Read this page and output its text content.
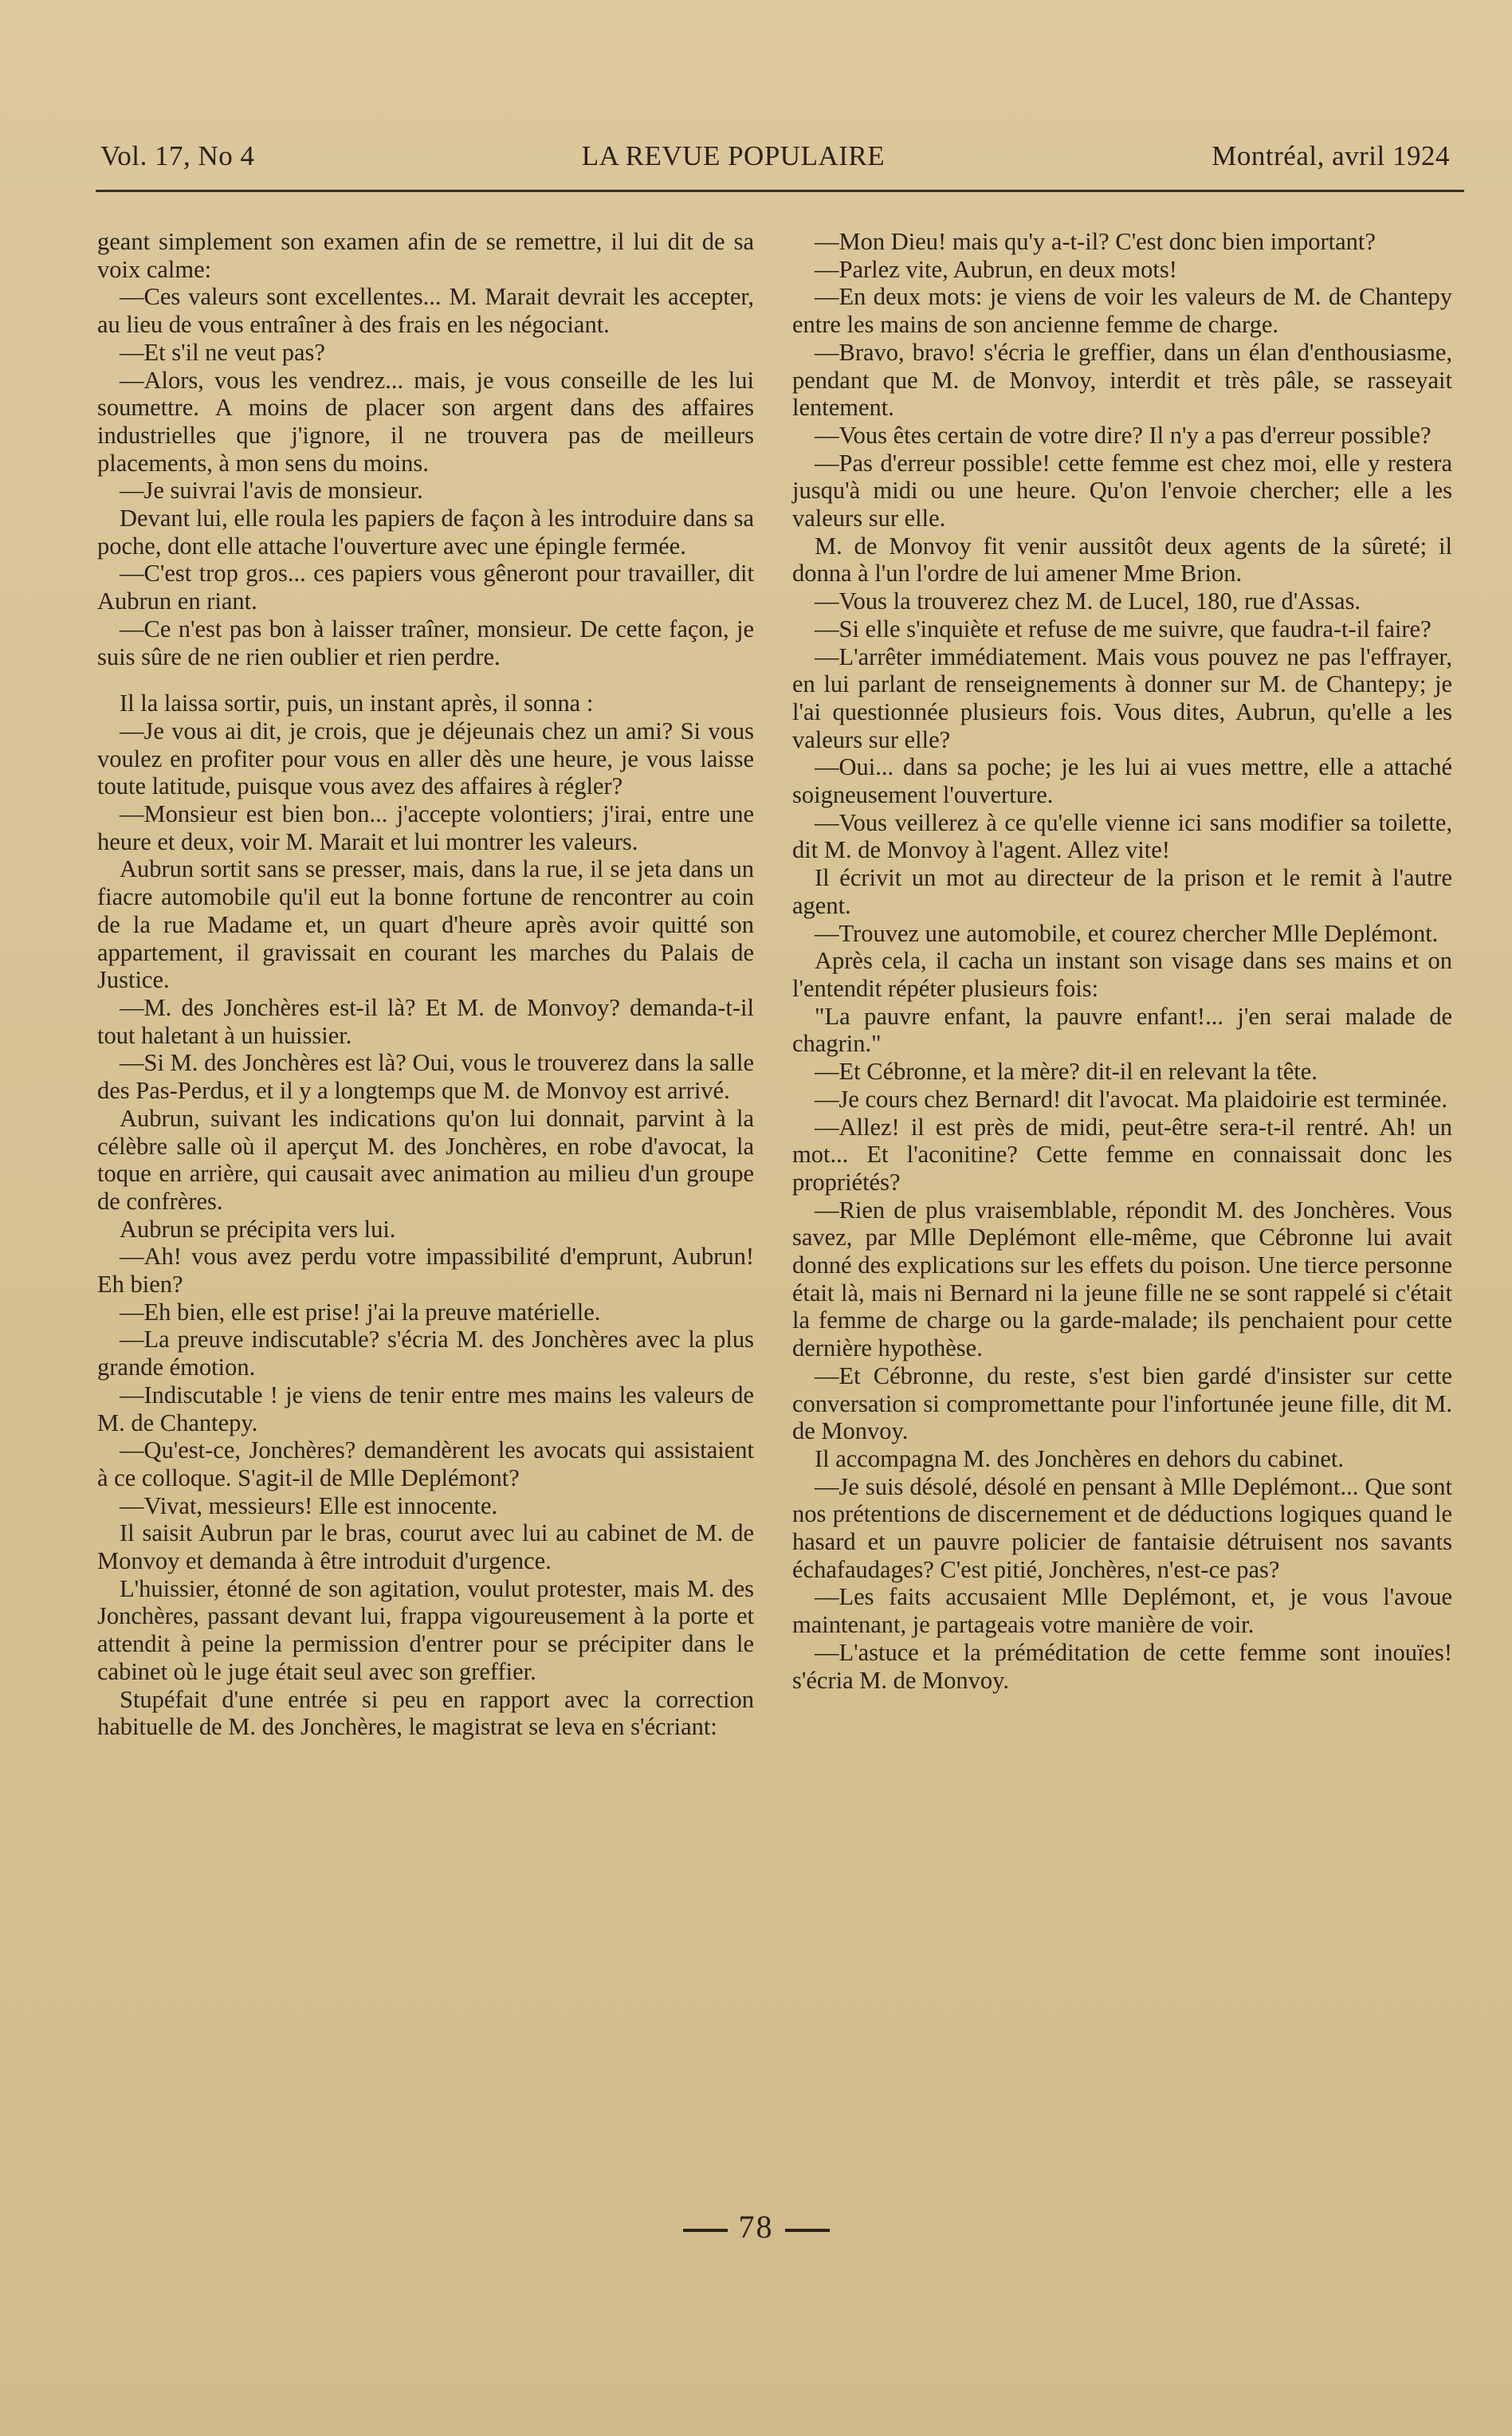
Vol. 17, No 4	LA REVUE POPULAIRE	Montréal, avril 1924

geant simplement son examen afin de se remettre, il lui dit de sa voix calme:

—Ces valeurs sont excellentes... M. Marait devrait les accepter, au lieu de vous entraîner à des frais en les négociant.

—Et s'il ne veut pas?

—Alors, vous les vendrez... mais, je vous conseille de les lui soumettre. A moins de placer son argent dans des affaires industrielles que j'ignore, il ne trouvera pas de meilleurs placements, à mon sens du moins.

—Je suivrai l'avis de monsieur.

Devant lui, elle roula les papiers de façon à les introduire dans sa poche, dont elle attache l'ouverture avec une épingle fermée.

—C'est trop gros... ces papiers vous gêneront pour travailler, dit Aubrun en riant.

—Ce n'est pas bon à laisser traîner, monsieur. De cette façon, je suis sûre de ne rien oublier et rien perdre.

Il la laissa sortir, puis, un instant après, il sonna :

—Je vous ai dit, je crois, que je déjeunais chez un ami? Si vous voulez en profiter pour vous en aller dès une heure, je vous laisse toute latitude, puisque vous avez des affaires à régler?

—Monsieur est bien bon... j'accepte volontiers; j'irai, entre une heure et deux, voir M. Marait et lui montrer les valeurs.

Aubrun sortit sans se presser, mais, dans la rue, il se jeta dans un fiacre automobile qu'il eut la bonne fortune de rencontrer au coin de la rue Madame et, un quart d'heure après avoir quitté son appartement, il gravissait en courant les marches du Palais de Justice.

—M. des Jonchères est-il là? Et M. de Monvoy? demanda-t-il tout haletant à un huissier.

—Si M. des Jonchères est là? Oui, vous le trouverez dans la salle des Pas-Perdus, et il y a longtemps que M. de Monvoy est arrivé.

Aubrun, suivant les indications qu'on lui donnait, parvint à la célèbre salle où il aperçut M. des Jonchères, en robe d'avocat, la toque en arrière, qui causait avec animation au milieu d'un groupe de confrères.

Aubrun se précipita vers lui.

—Ah! vous avez perdu votre impassibilité d'emprunt, Aubrun! Eh bien?

—Eh bien, elle est prise! j'ai la preuve matérielle.

—La preuve indiscutable? s'écria M. des Jonchères avec la plus grande émotion.

—Indiscutable ! je viens de tenir entre mes mains les valeurs de M. de Chantepy.

—Qu'est-ce, Jonchères? demandèrent les avocats qui assistaient à ce colloque. S'agit-il de Mlle Deplémont?

—Vivat, messieurs! Elle est innocente.

Il saisit Aubrun par le bras, courut avec lui au cabinet de M. de Monvoy et demanda à être introduit d'urgence.

L'huissier, étonné de son agitation, voulut protester, mais M. des Jonchères, passant devant lui, frappa vigoureusement à la porte et attendit à peine la permission d'entrer pour se précipiter dans le cabinet où le juge était seul avec son greffier.

Stupéfait d'une entrée si peu en rapport avec la correction habituelle de M. des Jonchères, le magistrat se leva en s'écriant:

—Mon Dieu! mais qu'y a-t-il? C'est donc bien important?

—Parlez vite, Aubrun, en deux mots!

—En deux mots: je viens de voir les valeurs de M. de Chantepy entre les mains de son ancienne femme de charge.

—Bravo, bravo! s'écria le greffier, dans un élan d'enthousiasme, pendant que M. de Monvoy, interdit et très pâle, se rasseyait lentement.

—Vous êtes certain de votre dire? Il n'y a pas d'erreur possible?

—Pas d'erreur possible! cette femme est chez moi, elle y restera jusqu'à midi ou une heure. Qu'on l'envoie chercher; elle a les valeurs sur elle.

M. de Monvoy fit venir aussitôt deux agents de la sûreté; il donna à l'un l'ordre de lui amener Mme Brion.

—Vous la trouverez chez M. de Lucel, 180, rue d'Assas.

—Si elle s'inquiète et refuse de me suivre, que faudra-t-il faire?

—L'arrêter immédiatement. Mais vous pouvez ne pas l'effrayer, en lui parlant de renseignements à donner sur M. de Chantepy; je l'ai questionnée plusieurs fois. Vous dites, Aubrun, qu'elle a les valeurs sur elle?

—Oui... dans sa poche; je les lui ai vues mettre, elle a attaché soigneusement l'ouverture.

—Vous veillerez à ce qu'elle vienne ici sans modifier sa toilette, dit M. de Monvoy à l'agent. Allez vite!

Il écrivit un mot au directeur de la prison et le remit à l'autre agent.

—Trouvez une automobile, et courez chercher Mlle Deplémont.

Après cela, il cacha un instant son visage dans ses mains et on l'entendit répéter plusieurs fois:

"La pauvre enfant, la pauvre enfant!... j'en serai malade de chagrin."

—Et Cébronne, et la mère? dit-il en relevant la tête.

—Je cours chez Bernard! dit l'avocat. Ma plaidoirie est terminée.

—Allez! il est près de midi, peut-être sera-t-il rentré. Ah! un mot... Et l'aconitine? Cette femme en connaissait donc les propriétés?

—Rien de plus vraisemblable, répondit M. des Jonchères. Vous savez, par Mlle Deplémont elle-même, que Cébronne lui avait donné des explications sur les effets du poison. Une tierce personne était là, mais ni Bernard ni la jeune fille ne se sont rappelé si c'était la femme de charge ou la garde-malade; ils penchaient pour cette dernière hypothèse.

—Et Cébronne, du reste, s'est bien gardé d'insister sur cette conversation si compromettante pour l'infortunée jeune fille, dit M. de Monvoy.

Il accompagna M. des Jonchères en dehors du cabinet.

—Je suis désolé, désolé en pensant à Mlle Deplémont... Que sont nos prétentions de discernement et de déductions logiques quand le hasard et un pauvre policier de fantaisie détruisent nos savants échafaudages? C'est pitié, Jonchères, n'est-ce pas?

—Les faits accusaient Mlle Deplémont, et, je vous l'avoue maintenant, je partageais votre manière de voir.

—L'astuce et la préméditation de cette femme sont inouïes! s'écria M. de Monvoy.

78
